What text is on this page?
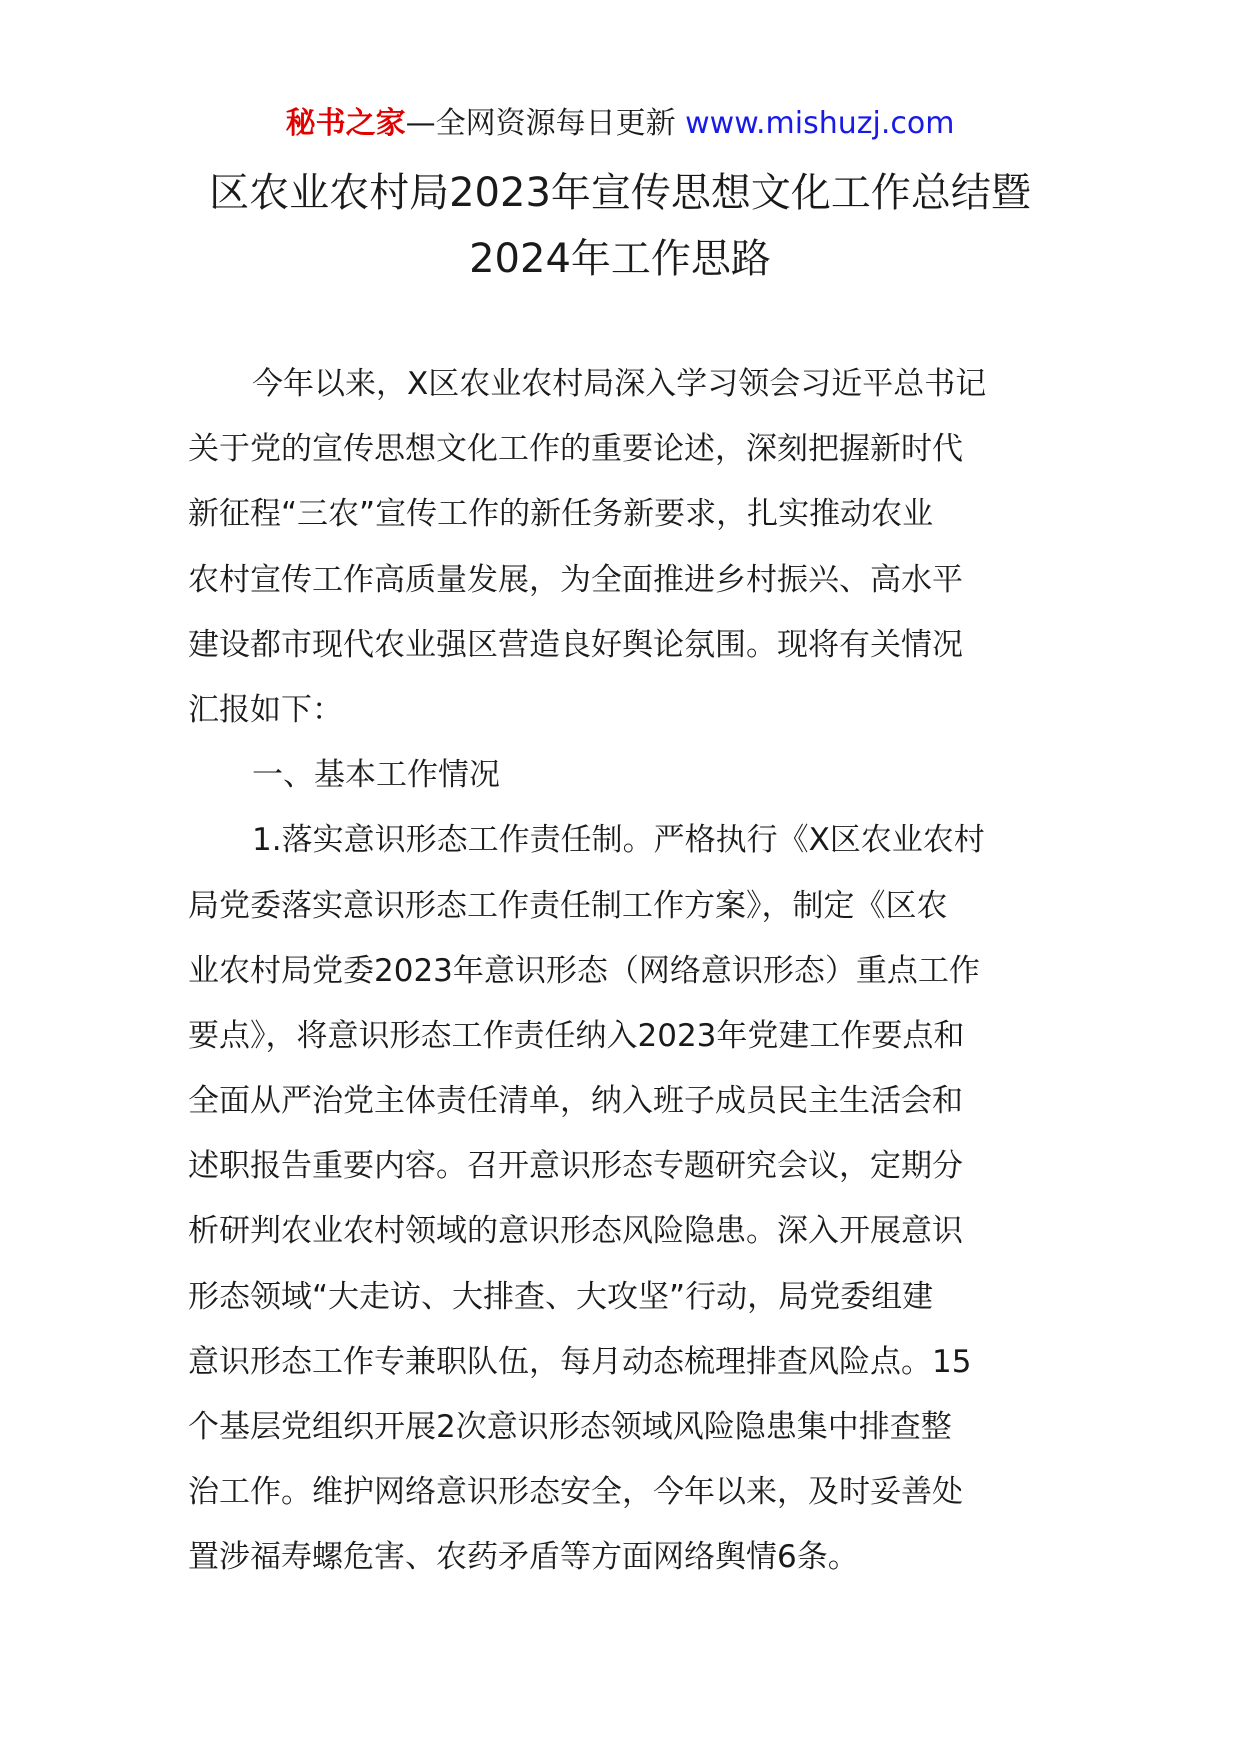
秘书之家—全网资源每日更新 www.mishuzj.com
区农业农村局2023年宣传思想文化工作总结暨
2024年工作思路
今年以来，X区农业农村局深入学习领会习近平总书记
关于党的宣传思想文化工作的重要论述，深刻把握新时代
新征程“三农”宣传工作的新任务新要求，扎实推动农业
农村宣传工作高质量发展，为全面推进乡村振兴、高水平
建设都市现代农业强区营造良好舆论氛围。现将有关情况
汇报如下：
一、基本工作情况
1.落实意识形态工作责任制。严格执行《X区农业农村
局党委落实意识形态工作责任制工作方案》，制定《区农
业农村局党委2023年意识形态（网络意识形态）重点工作
要点》，将意识形态工作责任纳入2023年党建工作要点和
全面从严治党主体责任清单，纳入班子成员民主生活会和
述职报告重要内容。召开意识形态专题研究会议，定期分
析研判农业农村领域的意识形态风险隐患。深入开展意识
形态领域“大走访、大排查、大攻坚”行动，局党委组建
意识形态工作专兼职队伍，每月动态梳理排查风险点。15
个基层党组织开展2次意识形态领域风险隐患集中排查整
治工作。维护网络意识形态安全，今年以来，及时妥善处
置涉福寿螺危害、农药矛盾等方面网络舆情6条。
